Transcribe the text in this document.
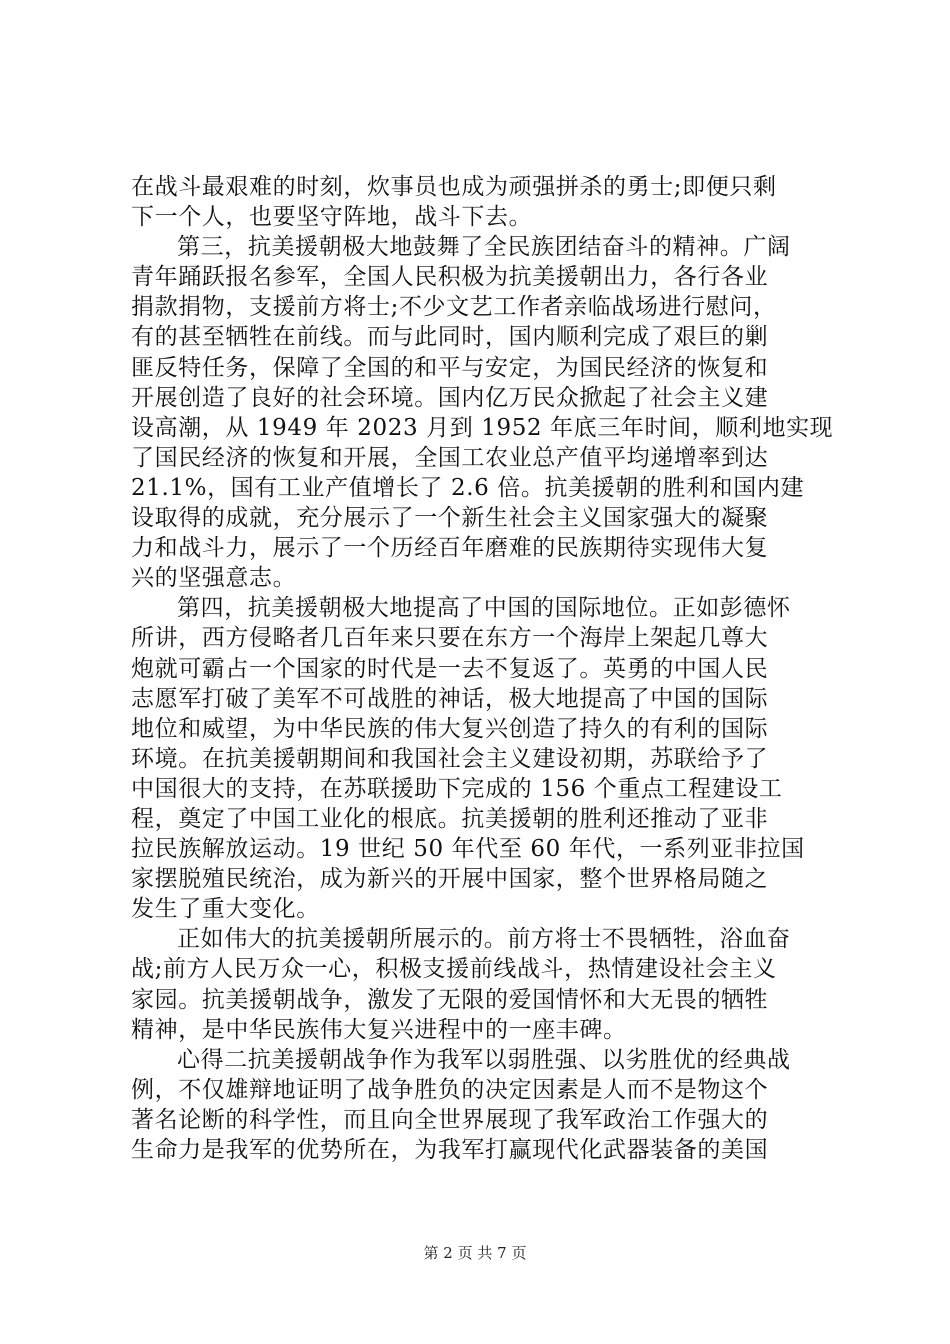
在战斗最艰难的时刻，炊事员也成为顽强拼杀的勇士;即便只剩
下一个人，也要坚守阵地，战斗下去。
第三，抗美援朝极大地鼓舞了全民族团结奋斗的精神。广阔
青年踊跃报名参军，全国人民积极为抗美援朝出力，各行各业
捐款捐物，支援前方将士;不少文艺工作者亲临战场进行慰问，
有的甚至牺牲在前线。而与此同时，国内顺利完成了艰巨的剿
匪反特任务，保障了全国的和平与安定，为国民经济的恢复和
开展创造了良好的社会环境。国内亿万民众掀起了社会主义建
设高潮，从 1949 年 2023 月到 1952 年底三年时间，顺利地实现
了国民经济的恢复和开展，全国工农业总产值平均递增率到达
21.1%，国有工业产值增长了 2.6 倍。抗美援朝的胜利和国内建
设取得的成就，充分展示了一个新生社会主义国家强大的凝聚
力和战斗力，展示了一个历经百年磨难的民族期待实现伟大复
兴的坚强意志。
第四，抗美援朝极大地提高了中国的国际地位。正如彭德怀
所讲，西方侵略者几百年来只要在东方一个海岸上架起几尊大
炮就可霸占一个国家的时代是一去不复返了。英勇的中国人民
志愿军打破了美军不可战胜的神话，极大地提高了中国的国际
地位和威望，为中华民族的伟大复兴创造了持久的有利的国际
环境。在抗美援朝期间和我国社会主义建设初期，苏联给予了
中国很大的支持，在苏联援助下完成的 156 个重点工程建设工
程，奠定了中国工业化的根底。抗美援朝的胜利还推动了亚非
拉民族解放运动。19 世纪 50 年代至 60 年代，一系列亚非拉国
家摆脱殖民统治，成为新兴的开展中国家，整个世界格局随之
发生了重大变化。
正如伟大的抗美援朝所展示的。前方将士不畏牺牲，浴血奋
战;前方人民万众一心，积极支援前线战斗，热情建设社会主义
家园。抗美援朝战争，激发了无限的爱国情怀和大无畏的牺牲
精神，是中华民族伟大复兴进程中的一座丰碑。
心得二抗美援朝战争作为我军以弱胜强、以劣胜优的经典战
例，不仅雄辩地证明了战争胜负的决定因素是人而不是物这个
著名论断的科学性，而且向全世界展现了我军政治工作强大的
生命力是我军的优势所在，为我军打赢现代化武器装备的美国
第 2 页 共 7 页
